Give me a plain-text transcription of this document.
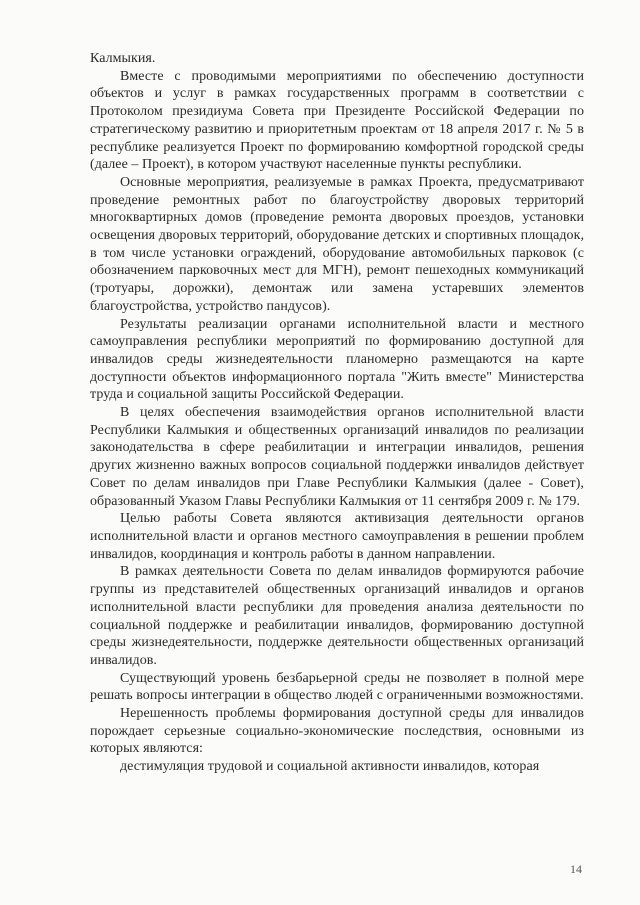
Калмыкия.

Вместе с проводимыми мероприятиями по обеспечению доступности объектов и услуг в рамках государственных программ в соответствии с Протоколом президиума Совета при Президенте Российской Федерации по стратегическому развитию и приоритетным проектам от 18 апреля 2017 г. № 5 в республике реализуется Проект по формированию комфортной городской среды (далее – Проект), в котором участвуют населенные пункты республики.

Основные мероприятия, реализуемые в рамках Проекта, предусматривают проведение ремонтных работ по благоустройству дворовых территорий многоквартирных домов (проведение ремонта дворовых проездов, установки освещения дворовых территорий, оборудование детских и спортивных площадок, в том числе установки ограждений, оборудование автомобильных парковок (с обозначением парковочных мест для МГН), ремонт пешеходных коммуникаций (тротуары, дорожки), демонтаж или замена устаревших элементов благоустройства, устройство пандусов).

Результаты реализации органами исполнительной власти и местного самоуправления республики мероприятий по формированию доступной для инвалидов среды жизнедеятельности планомерно размещаются на карте доступности объектов информационного портала "Жить вместе" Министерства труда и социальной защиты Российской Федерации.

В целях обеспечения взаимодействия органов исполнительной власти Республики Калмыкия и общественных организаций инвалидов по реализации законодательства в сфере реабилитации и интеграции инвалидов, решения других жизненно важных вопросов социальной поддержки инвалидов действует Совет по делам инвалидов при Главе Республики Калмыкия (далее - Совет), образованный Указом Главы Республики Калмыкия от 11 сентября 2009 г. № 179.

Целью работы Совета являются активизация деятельности органов исполнительной власти и органов местного самоуправления в решении проблем инвалидов, координация и контроль работы в данном направлении.

В рамках деятельности Совета по делам инвалидов формируются рабочие группы из представителей общественных организаций инвалидов и органов исполнительной власти республики для проведения анализа деятельности по социальной поддержке и реабилитации инвалидов, формированию доступной среды жизнедеятельности, поддержке деятельности общественных организаций инвалидов.

Существующий уровень безбарьерной среды не позволяет в полной мере решать вопросы интеграции в общество людей с ограниченными возможностями.

Нерешенность проблемы формирования доступной среды для инвалидов порождает серьезные социально-экономические последствия, основными из которых являются:

дестимуляция трудовой и социальной активности инвалидов, которая

14
